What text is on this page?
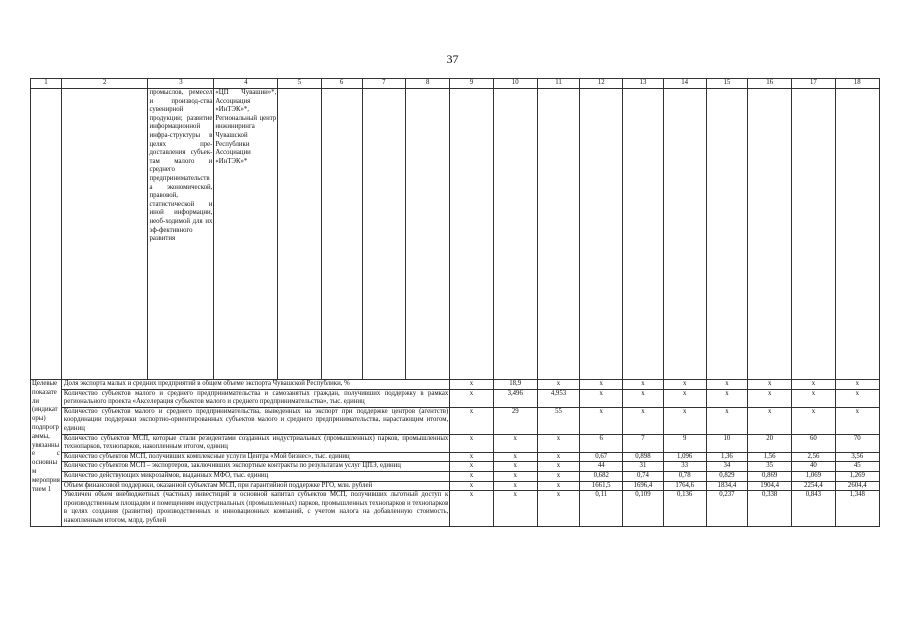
37
1	2	3	4	5	6	7	8	9	10	11	12	13	14	15	16	17	18
		промыслов, ремесел и производ-ства сувенирной продукции; развитие информационной инфра-структуры в целях пре-доставления субъек-там малого и среднего предпринимательства экономической, правовой, статистической и иной информации, необ-ходимой для их эф-фективного развития	«ЦП Чувашии»*, Ассоциация «ИнТЭК»*, Региональный центр инжиниринга Чувашской Республики Ассоциации «ИнТЭК»*														
Целевые показатели (индикаторы) подпрограммы, увязанные с основным мероприятием 1	Доля экспорта малых и средних предприятий в общем объеме экспорта Чувашской Республики, %							x	18,9	x	x	x	x	x	x	x	x
	Количество субъектов малого и среднего предпринимательства и самозанятых граждан, получивших поддержку в рамках регионального проекта «Акселерация субъектов малого и среднего предпринимательства», тыс. единиц							x	3,496	4,953	x	x	x	x	x	x	x
	Количество субъектов малого и среднего предпринимательства, выведенных на экспорт при поддержке центров (агентств) координации поддержки экспортно-ориентированных субъектов малого и среднего предпринимательства, нарастающим итогом, единиц							x	29	55	x	x	x	x	x	x	x
	Количество субъектов МСП, которые стали резидентами созданных индустриальных (промышленных) парков, промышленных технопарков, технопарков, накопленным итогом, единиц							x	x	x	6	7	9	10	20	60	70
	Количество субъектов МСП, получивших комплексные услуги Центра «Мой бизнес», тыс. единиц							x	x	x	0,67	0,898	1,096	1,36	1,56	2,56	3,56
	Количество субъектов МСП – экспортеров, заключивших экспортные контракты по результатам услуг ЦПЭ, единиц							x	x	x	44	31	33	34	35	40	45
	Количество действующих микрозаймов, выданных МФО, тыс. единиц							x	x	x	0,682	0,74	0,78	0,829	0,869	1,069	1,269
	Объем финансовой поддержки, оказанной субъектам МСП, при гарантийной поддержке РГО, млн. рублей							x	x	x	1661,5	1696,4	1764,6	1834,4	1904,4	2254,4	2604,4
	Увеличен объем внебюджетных (частных) инвестиций в основной капитал субъектов МСП, получивших льготный доступ к производственным площадям и помещениям индустриальных (промышленных) парков, промышленных технопарков и технопарков в целях создания (развития) производственных и инновационных компаний, с учетом налога на добавленную стоимость, накопленным итогом, млрд. рублей							x	x	x	0,11	0,109	0,136	0,237	0,338	0,843	1,348
